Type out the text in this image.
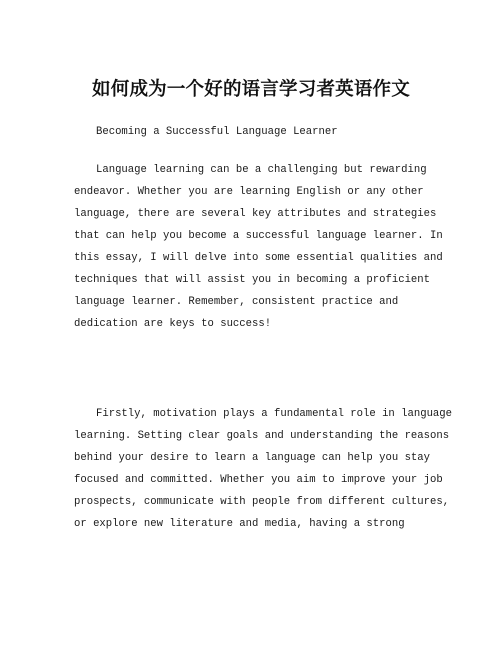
如何成为一个好的语言学习者英语作文
Becoming a Successful Language Learner
Language learning can be a challenging but rewarding
endeavor. Whether you are learning English or any other
language, there are several key attributes and strategies
that can help you become a successful language learner. In
this essay, I will delve into some essential qualities and
techniques that will assist you in becoming a proficient
language learner. Remember, consistent practice and
dedication are keys to success!
Firstly, motivation plays a fundamental role in language
learning. Setting clear goals and understanding the reasons
behind your desire to learn a language can help you stay
focused and committed. Whether you aim to improve your job
prospects, communicate with people from different cultures,
or explore new literature and media, having a strong
